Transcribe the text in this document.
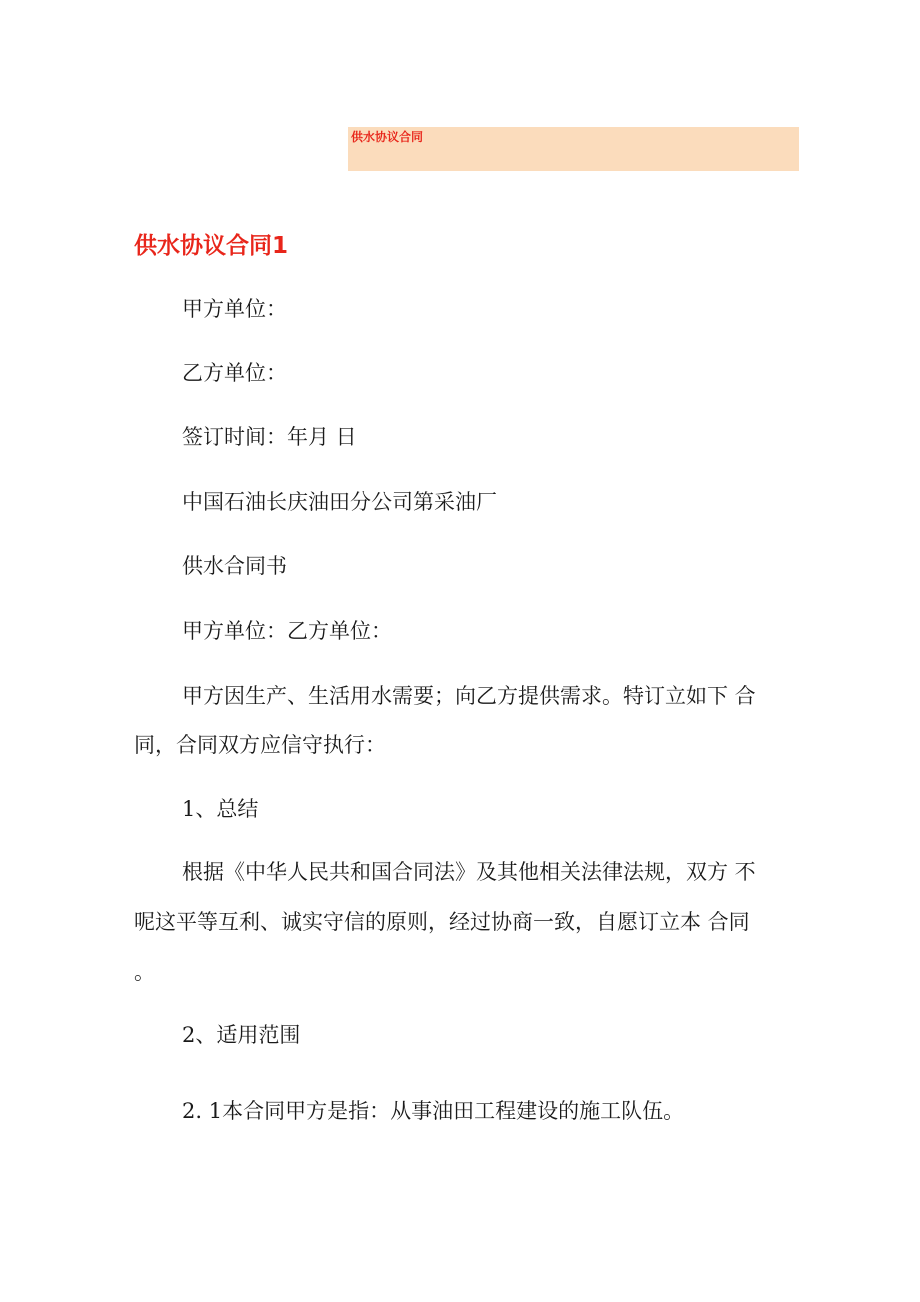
供水协议合同
供水协议合同1

甲方单位：

乙方单位：

签订时间：年月 日

中国石油长庆油田分公司第采油厂

供水合同书

甲方单位：乙方单位：

甲方因生产、生活用水需要；向乙方提供需求。特订立如下 合

同，合同双方应信守执行：

1、总结

根据《中华人民共和国合同法》及其他相关法律法规，双方 不

呢这平等互利、诚实守信的原则，经过协商一致，自愿订立本 合同

。

2、适用范围

2. 1本合同甲方是指：从事油田工程建设的施工队伍。
